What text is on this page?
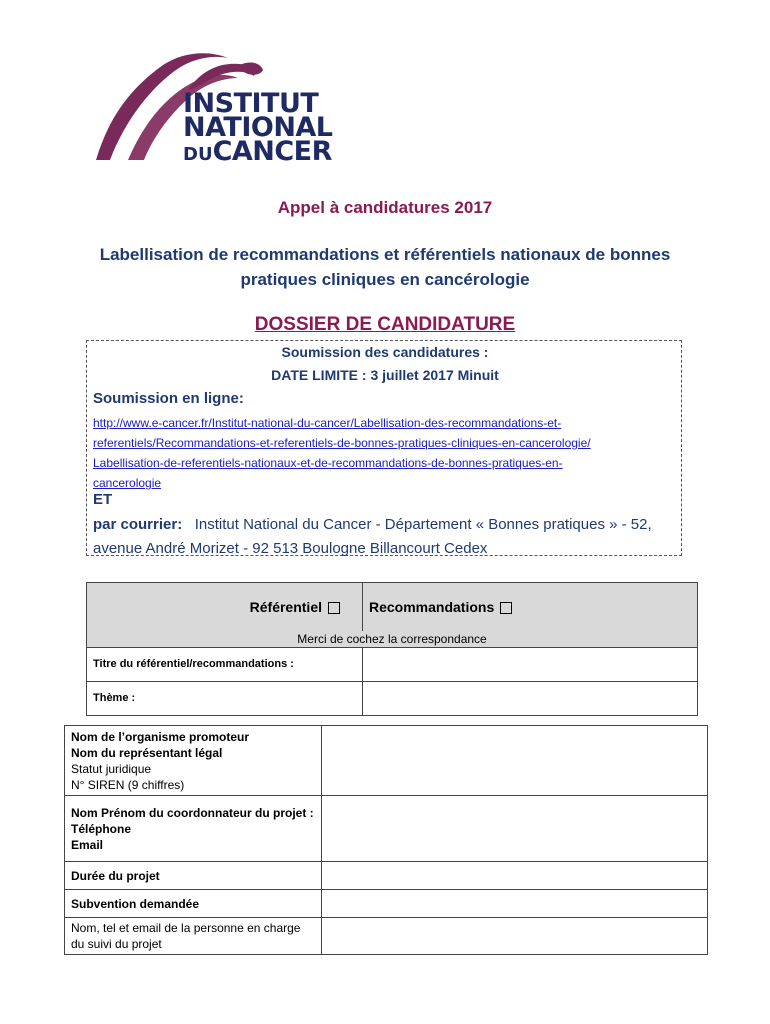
INSTITUT
NATIONAL
DUCANCER
Appel à candidatures 2017
Labellisation de recommandations et référentiels nationaux de bonnes pratiques cliniques en cancérologie
DOSSIER DE CANDIDATURE
Soumission des candidatures :
DATE LIMITE : 3 juillet 2017 Minuit
Soumission en ligne:
http://www.e-cancer.fr/Institut-national-du-cancer/Labellisation-des-recommandations-et-
referentiels/Recommandations-et-referentiels-de-bonnes-pratiques-cliniques-en-cancerologie/
Labellisation-de-referentiels-nationaux-et-de-recommandations-de-bonnes-pratiques-en-
cancerologie
ET
par courrier: Institut National du Cancer - Département « Bonnes pratiques » - 52, avenue André Morizet - 92 513 Boulogne Billancourt Cedex
Référentiel	Recommandations
Merci de cochez la correspondance	
Titre du référentiel/recommandations :	
Thème :	
Nom de l’organisme promoteur
Nom du représentant légal
Statut juridique
N° SIREN (9 chiffres)	
Nom Prénom du coordonnateur du projet :
Téléphone
Email	
Durée du projet	
Subvention demandée	
Nom, tel et email de la personne en charge du suivi du projet	
